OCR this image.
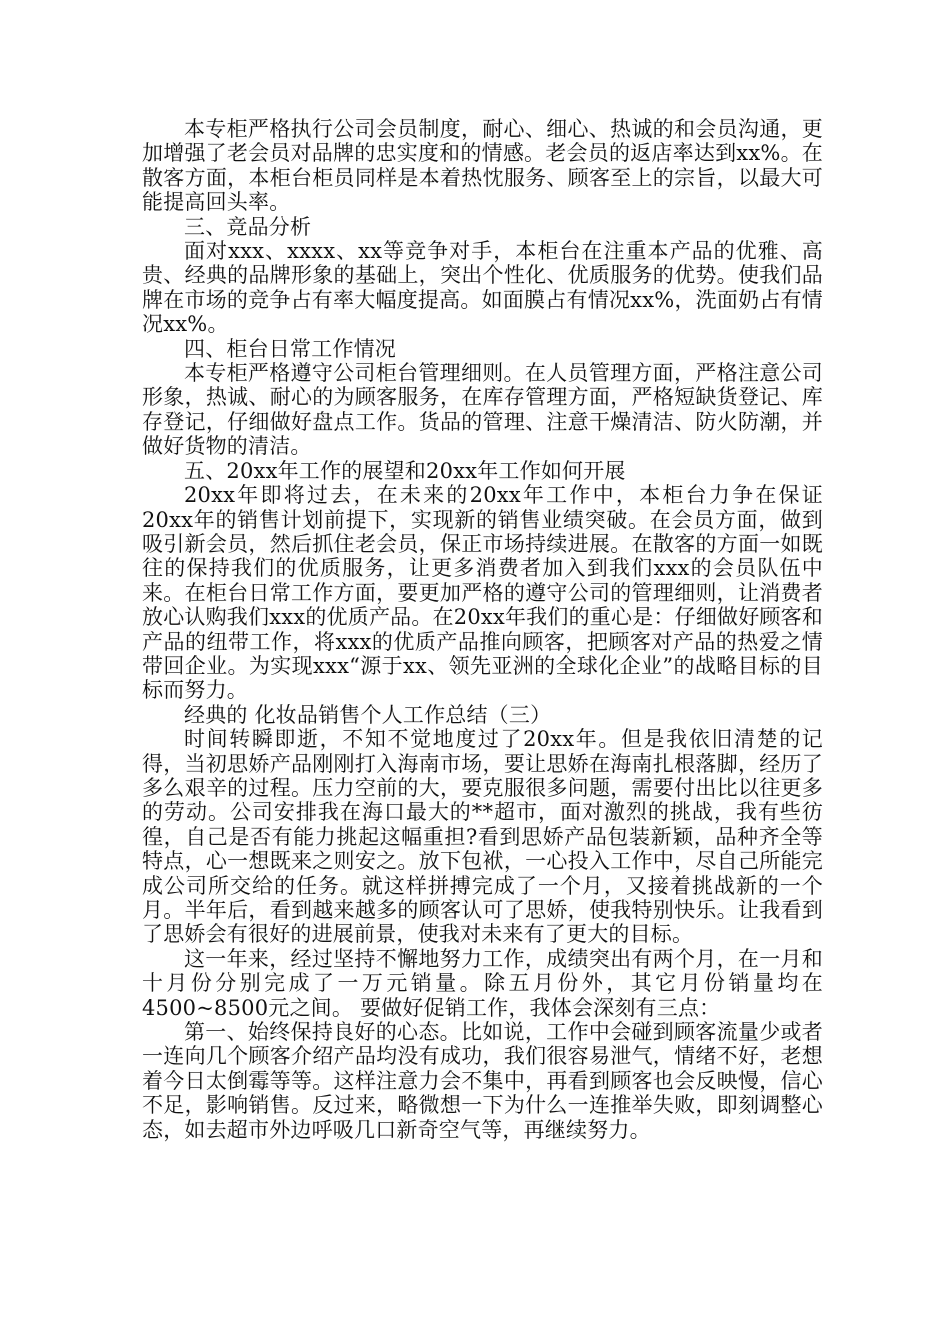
本专柜严格执行公司会员制度，耐心、细心、热诚的和会员沟通，更加增强了老会员对品牌的忠实度和的情感。老会员的返店率达到xx%。在散客方面，本柜台柜员同样是本着热忱服务、顾客至上的宗旨，以最大可能提高回头率。

三、竞品分析

面对xxx、xxxx、xx等竞争对手，本柜台在注重本产品的优雅、高贵、经典的品牌形象的基础上，突出个性化、优质服务的优势。使我们品牌在市场的竞争占有率大幅度提高。如面膜占有情况xx%，洗面奶占有情况xx%。

四、柜台日常工作情况

本专柜严格遵守公司柜台管理细则。在人员管理方面，严格注意公司形象，热诚、耐心的为顾客服务，在库存管理方面，严格短缺货登记、库存登记，仔细做好盘点工作。货品的管理、注意干燥清洁、防火防潮，并做好货物的清洁。

五、20xx年工作的展望和20xx年工作如何开展

20xx年即将过去，在未来的20xx年工作中，本柜台力争在保证20xx年的销售计划前提下，实现新的销售业绩突破。在会员方面，做到吸引新会员，然后抓住老会员，保正市场持续进展。在散客的方面一如既往的保持我们的优质服务，让更多消费者加入到我们xxx的会员队伍中来。在柜台日常工作方面，要更加严格的遵守公司的管理细则，让消费者放心认购我们xxx的优质产品。在20xx年我们的重心是：仔细做好顾客和产品的纽带工作，将xxx的优质产品推向顾客，把顾客对产品的热爱之情带回企业。为实现xxx“源于xx、领先亚洲的全球化企业”的战略目标的目标而努力。

经典的 化妆品销售个人工作总结（三）

时间转瞬即逝，不知不觉地度过了20xx年。但是我依旧清楚的记得，当初思娇产品刚刚打入海南市场，要让思娇在海南扎根落脚，经历了多么艰辛的过程。压力空前的大，要克服很多问题，需要付出比以往更多的劳动。公司安排我在海口最大的**超市，面对激烈的挑战，我有些彷徨，自己是否有能力挑起这幅重担?看到思娇产品包装新颖，品种齐全等特点，心一想既来之则安之。放下包袱，一心投入工作中，尽自己所能完成公司所交给的任务。就这样拼搏完成了一个月，又接着挑战新的一个月。半年后，看到越来越多的顾客认可了思娇，使我特别快乐。让我看到了思娇会有很好的进展前景，使我对未来有了更大的目标。

这一年来，经过坚持不懈地努力工作，成绩突出有两个月，在一月和十月份分别完成了一万元销量。除五月份外，其它月份销量均在4500~8500元之间。 要做好促销工作，我体会深刻有三点：

第一、始终保持良好的心态。比如说，工作中会碰到顾客流量少或者一连向几个顾客介绍产品均没有成功，我们很容易泄气，情绪不好，老想着今日太倒霉等等。这样注意力会不集中，再看到顾客也会反映慢，信心不足，影响销售。反过来，略微想一下为什么一连推举失败，即刻调整心态，如去超市外边呼吸几口新奇空气等，再继续努力。
